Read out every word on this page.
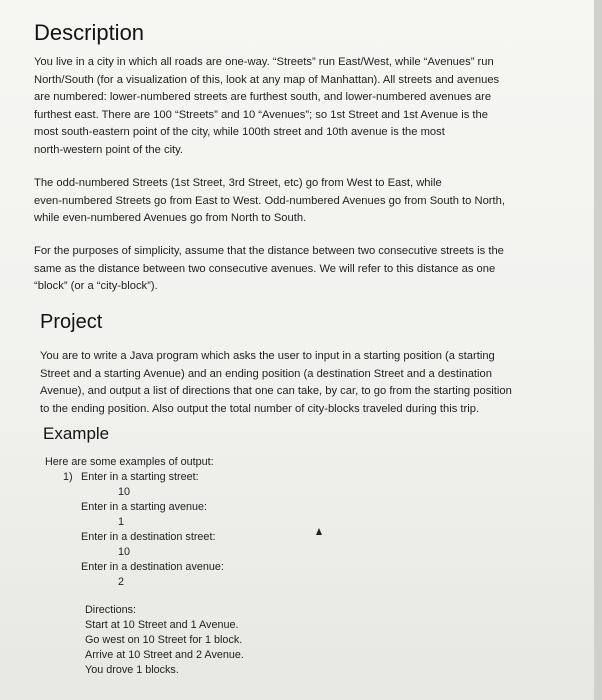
Description

You live in a city in which all roads are one-way. “Streets” run East/West, while “Avenues” run
North/South (for a visualization of this, look at any map of Manhattan). All streets and avenues
are numbered: lower-numbered streets are furthest south, and lower-numbered avenues are
furthest east. There are 100 “Streets” and 10 “Avenues”; so 1st Street and 1st Avenue is the
most south-eastern point of the city, while 100th street and 10th avenue is the most
north-western point of the city.

The odd-numbered Streets (1st Street, 3rd Street, etc) go from West to East, while
even-numbered Streets go from East to West. Odd-numbered Avenues go from South to North,
while even-numbered Avenues go from North to South.

For the purposes of simplicity, assume that the distance between two consecutive streets is the
same as the distance between two consecutive avenues. We will refer to this distance as one
“block” (or a “city-block”).

Project

You are to write a Java program which asks the user to input in a starting position (a starting
Street and a starting Avenue) and an ending position (a destination Street and a destination
Avenue), and output a list of directions that one can take, by car, to go from the starting position
to the ending position. Also output the total number of city-blocks traveled during this trip.

Example
Here are some examples of output:
1) Enter in a starting street:
10
Enter in a starting avenue:
1
Enter in a destination street:
10
Enter in a destination avenue:
2
Directions:
Start at 10 Street and 1 Avenue.
Go west on 10 Street for 1 block.
Arrive at 10 Street and 2 Avenue.
You drove 1 blocks.
